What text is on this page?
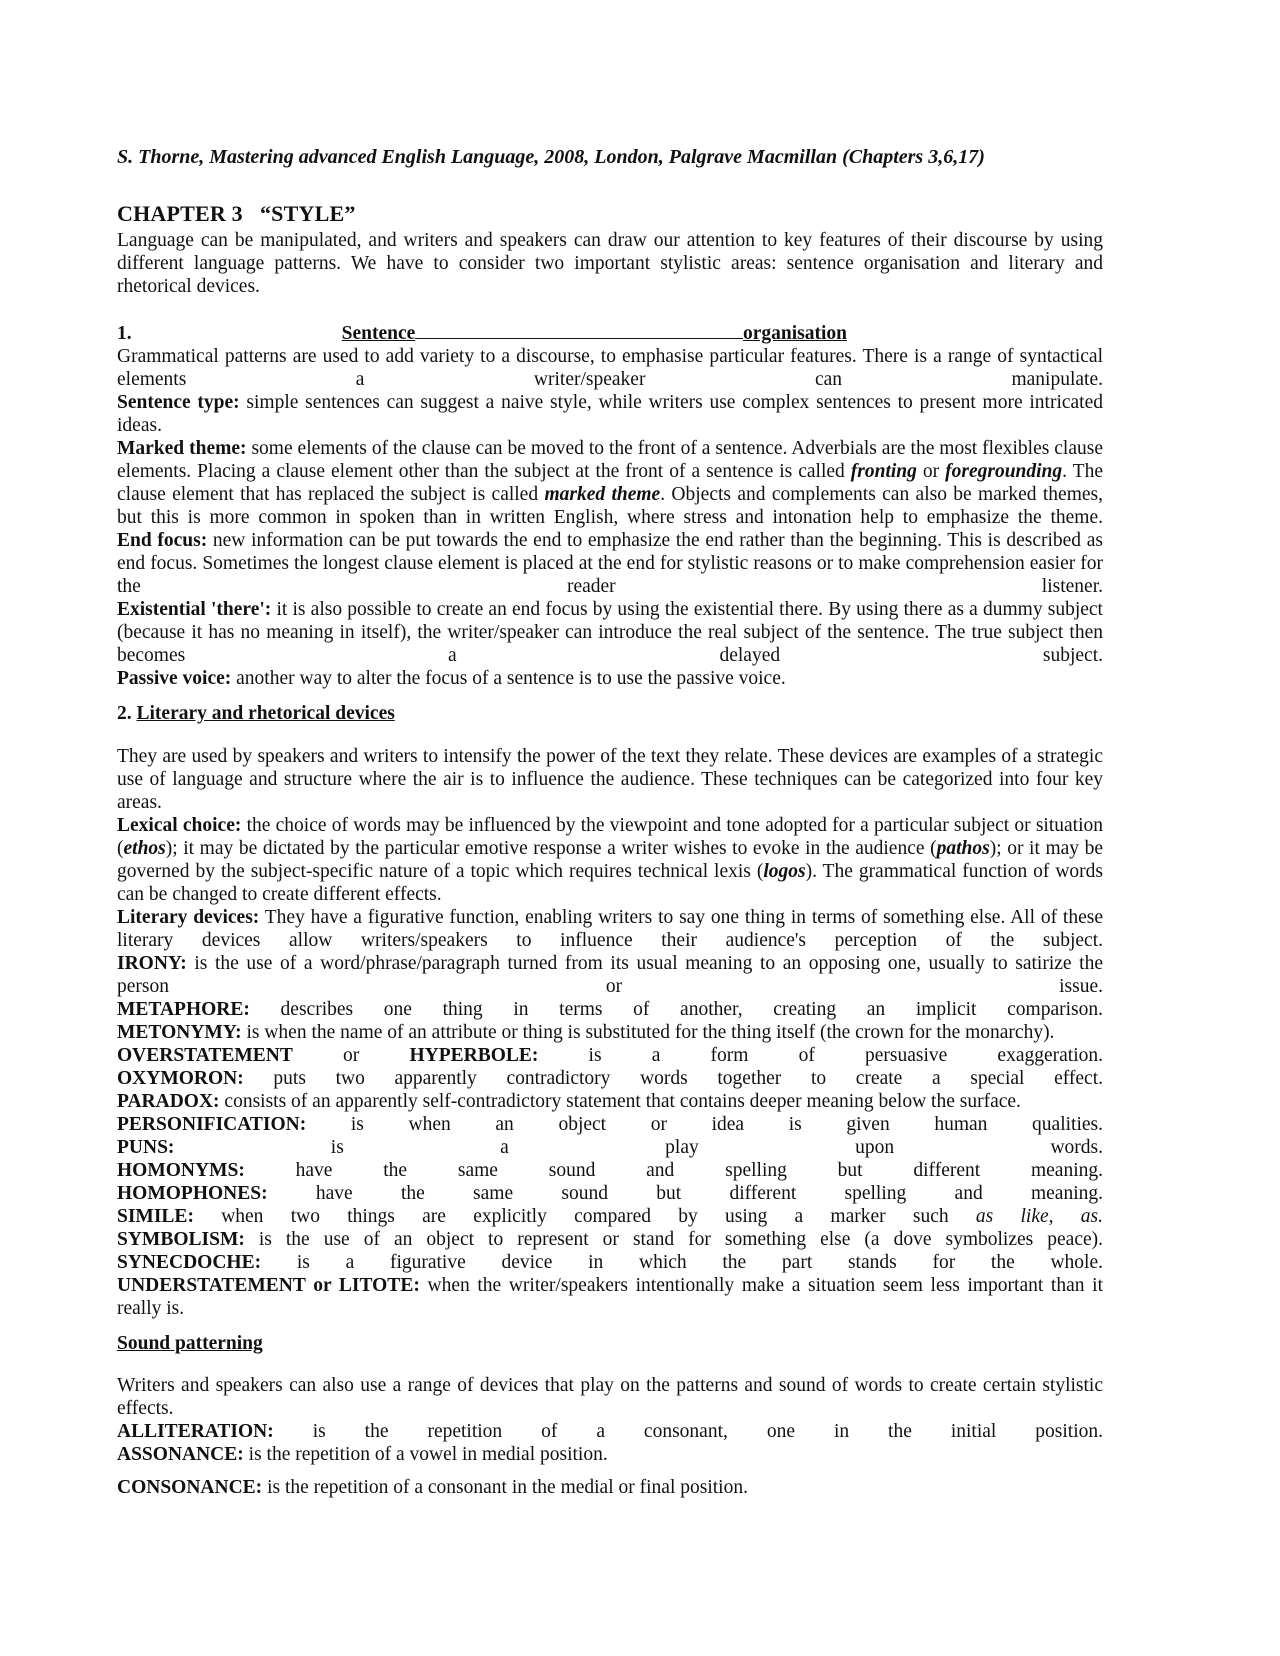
S. Thorne, Mastering advanced English Language, 2008, London, Palgrave Macmillan (Chapters 3,6,17)

CHAPTER 3 “STYLE”

Language can be manipulated, and writers and speakers can draw our attention to key features of their discourse by using different language patterns. We have to consider two important stylistic areas: sentence organisation and literary and rhetorical devices.

1.	Sentence	organisation

Grammatical patterns are used to add variety to a discourse, to emphasise particular features. There is a range of syntactical elements a writer/speaker can manipulate.

Sentence type: simple sentences can suggest a naive style, while writers use complex sentences to present more intricated ideas.

Marked theme: some elements of the clause can be moved to the front of a sentence. Adverbials are the most flexibles clause elements. Placing a clause element other than the subject at the front of a sentence is called fronting or foregrounding. The clause element that has replaced the subject is called marked theme. Objects and complements can also be marked themes, but this is more common in spoken than in written English, where stress and intonation help to emphasize the theme.

End focus: new information can be put towards the end to emphasize the end rather than the beginning. This is described as end focus. Sometimes the longest clause element is placed at the end for stylistic reasons or to make comprehension easier for the reader listener.

Existential 'there': it is also possible to create an end focus by using the existential there. By using there as a dummy subject (because it has no meaning in itself), the writer/speaker can introduce the real subject of the sentence. The true subject then becomes a delayed subject.

Passive voice: another way to alter the focus of a sentence is to use the passive voice.

2. Literary and rhetorical devices

They are used by speakers and writers to intensify the power of the text they relate. These devices are examples of a strategic use of language and structure where the air is to influence the audience. These techniques can be categorized into four key areas.

Lexical choice: the choice of words may be influenced by the viewpoint and tone adopted for a particular subject or situation (ethos); it may be dictated by the particular emotive response a writer wishes to evoke in the audience (pathos); or it may be governed by the subject-specific nature of a topic which requires technical lexis (logos). The grammatical function of words can be changed to create different effects.

Literary devices: They have a figurative function, enabling writers to say one thing in terms of something else. All of these literary devices allow writers/speakers to influence their audience's perception of the subject.

IRONY: is the use of a word/phrase/paragraph turned from its usual meaning to an opposing one, usually to satirize the person or issue.

METAPHORE: describes one thing in terms of another, creating an implicit comparison.

METONYMY: is when the name of an attribute or thing is substituted for the thing itself (the crown for the monarchy).

OVERSTATEMENT or HYPERBOLE: is a form of persuasive exaggeration.

OXYMORON: puts two apparently contradictory words together to create a special effect.

PARADOX: consists of an apparently self-contradictory statement that contains deeper meaning below the surface.

PERSONIFICATION: is when an object or idea is given human qualities.

PUNS: is a play upon words.

HOMONYMS: have the same sound and spelling but different meaning.

HOMOPHONES: have the same sound but different spelling and meaning.

SIMILE: when two things are explicitly compared by using a marker such as like, as.

SYMBOLISM: is the use of an object to represent or stand for something else (a dove symbolizes peace).

SYNECDOCHE: is a figurative device in which the part stands for the whole.

UNDERSTATEMENT or LITOTE: when the writer/speakers intentionally make a situation seem less important than it really is.

Sound patterning

Writers and speakers can also use a range of devices that play on the patterns and sound of words to create certain stylistic effects.

ALLITERATION: is the repetition of a consonant, one in the initial position.

ASSONANCE: is the repetition of a vowel in medial position.

CONSONANCE: is the repetition of a consonant in the medial or final position.
